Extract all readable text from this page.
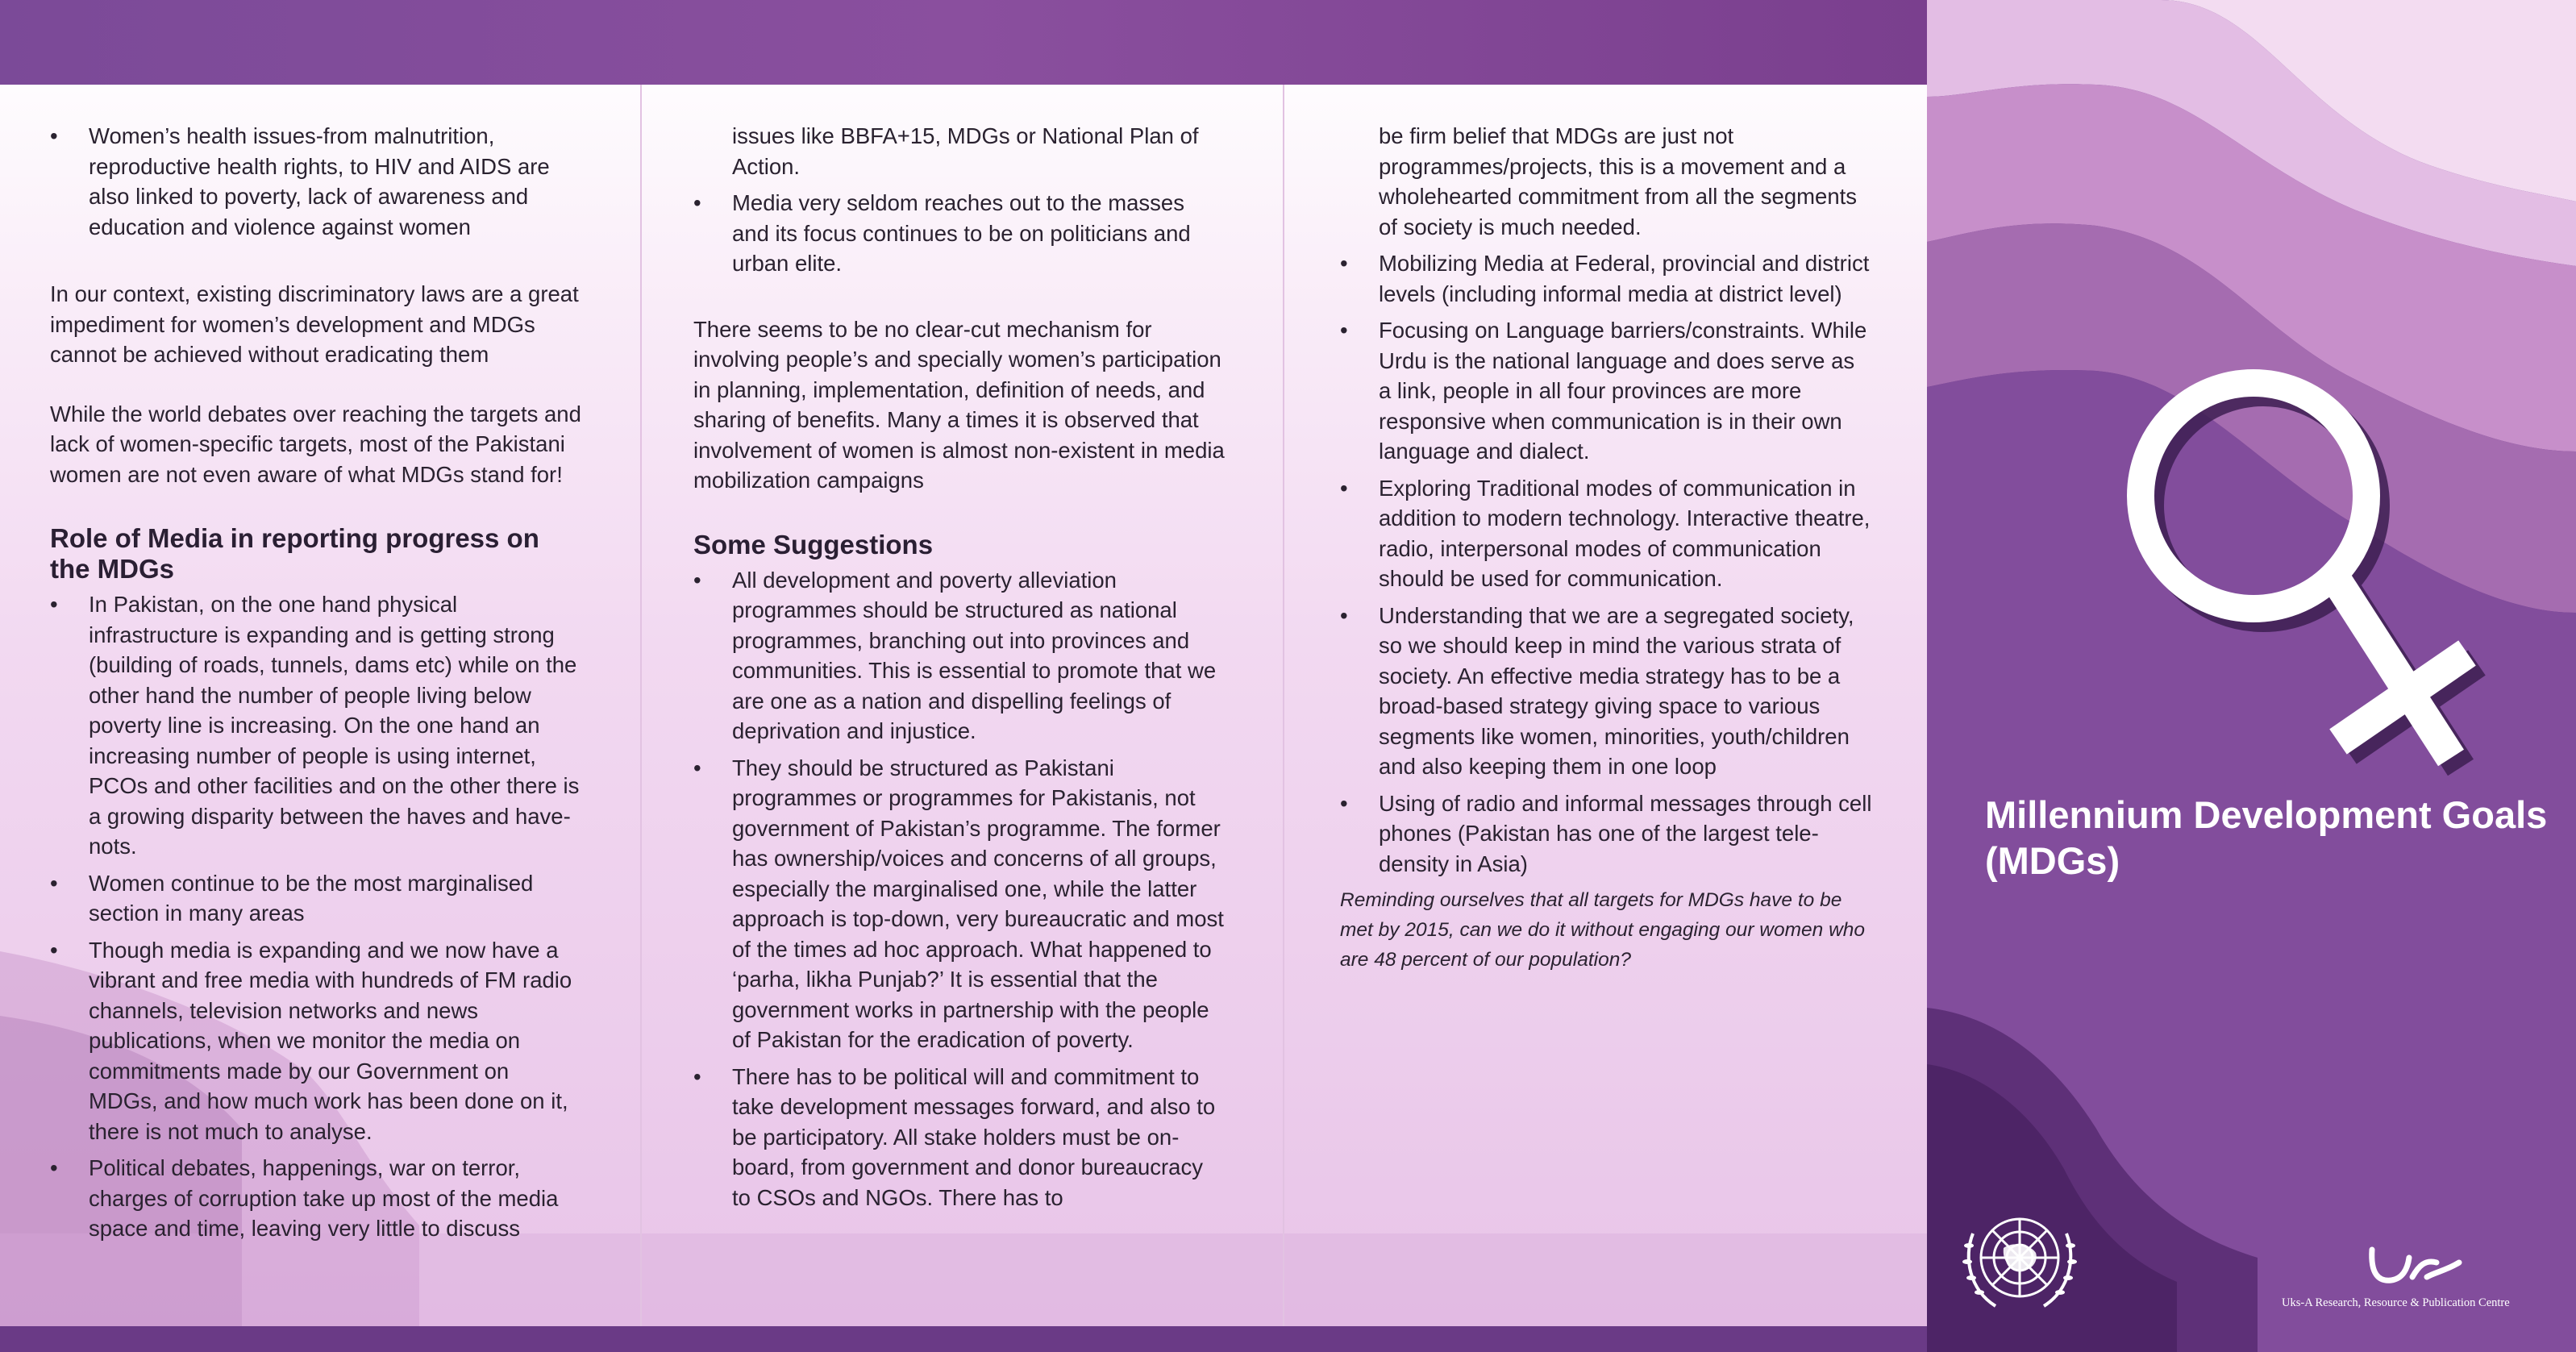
Millennium Development Goals (MDGs)
Uks-A Research, Resource & Publication Centre
• Women’s health issues-from malnutrition, reproductive health rights, to HIV and AIDS are also linked to poverty, lack of awareness and education and violence against women

In our context, existing discriminatory laws are a great impediment for women’s development and MDGs cannot be achieved without eradicating them

While the world debates over reaching the targets and lack of women-specific targets, most of the Pakistani women are not even aware of what MDGs stand for!

Role of Media in reporting progress on the MDGs
• In Pakistan, on the one hand physical infrastructure is expanding and is getting strong (building of roads, tunnels, dams etc) while on the other hand the number of people living below poverty line is increasing. On the one hand an increasing number of people is using internet, PCOs and other facilities and on the other there is a growing disparity between the haves and have-nots.
• Women continue to be the most marginalised section in many areas
• Though media is expanding and we now have a vibrant and free media with hundreds of FM radio channels, television networks and news publications, when we monitor the media on commitments made by our Government on MDGs, and how much work has been done on it, there is not much to analyse.
• Political debates, happenings, war on terror, charges of corruption take up most of the media space and time, leaving very little to discuss

issues like BBFA+15, MDGs or National Plan of Action.

• Media very seldom reaches out to the masses and its focus continues to be on politicians and urban elite.

There seems to be no clear-cut mechanism for involving people’s and specially women’s participation in planning, implementation, definition of needs, and sharing of benefits. Many a times it is observed that involvement of women is almost non-existent in media mobilization campaigns

Some Suggestions
• All development and poverty alleviation programmes should be structured as national programmes, branching out into provinces and communities. This is essential to promote that we are one as a nation and dispelling feelings of deprivation and injustice.
• They should be structured as Pakistani programmes or programmes for Pakistanis, not government of Pakistan’s programme. The former has ownership/voices and concerns of all groups, especially the marginalised one, while the latter approach is top-down, very bureaucratic and most of the times ad hoc approach. What happened to ‘parha, likha Punjab?’ It is essential that the government works in partnership with the people of Pakistan for the eradication of poverty.
• There has to be political will and commitment to take development messages forward, and also to be participatory. All stake holders must be on-board, from government and donor bureaucracy to CSOs and NGOs. There has to

be firm belief that MDGs are just not programmes/projects, this is a movement and a wholehearted commitment from all the segments of society is much needed.

• Mobilizing Media at Federal, provincial and district levels (including informal media at district level)
• Focusing on Language barriers/constraints. While Urdu is the national language and does serve as a link, people in all four provinces are more responsive when communication is in their own language and dialect.
• Exploring Traditional modes of communication in addition to modern technology. Interactive theatre, radio, interpersonal modes of communication should be used for communication.
• Understanding that we are a segregated society, so we should keep in mind the various strata of society. An effective media strategy has to be a broad-based strategy giving space to various segments like women, minorities, youth/children and also keeping them in one loop
• Using of radio and informal messages through cell phones (Pakistan has one of the largest tele-density in Asia)

Reminding ourselves that all targets for MDGs have to be met by 2015, can we do it without engaging our women who are 48 percent of our population?
